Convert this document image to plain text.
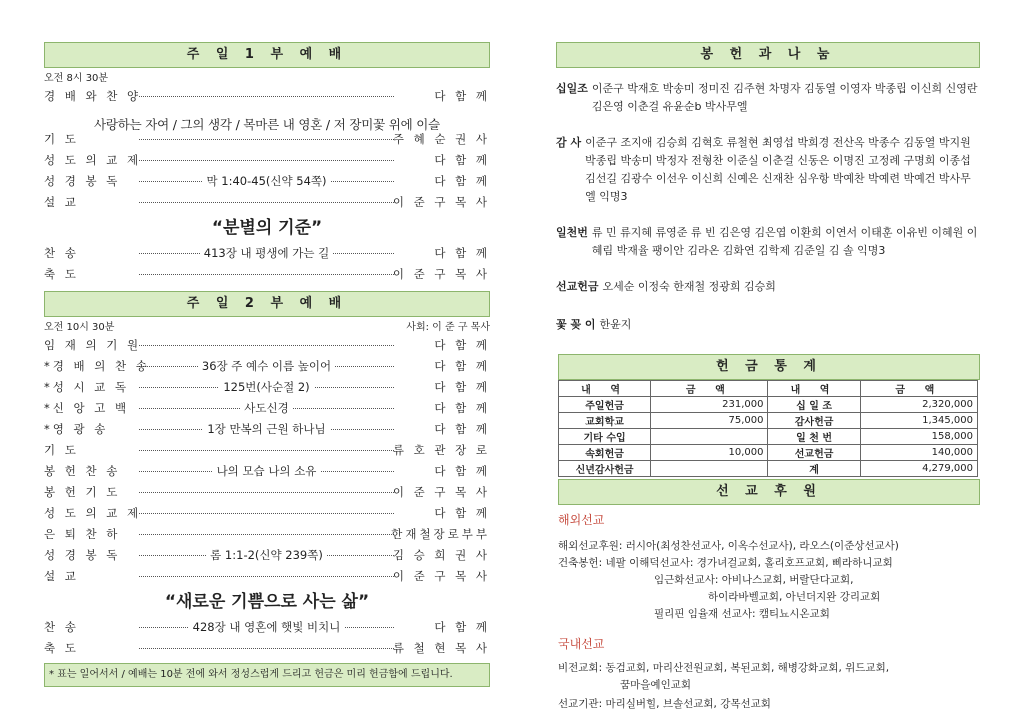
주 일 1 부 예 배
오전 8시 30분
경 배 와 찬 양	다 함 께
기 도	주 혜 순 권 사
성 도 의 교 제	다 함 께
성 경 봉 독	막 1:40-45(신약 54쪽)	다 함 께
설 교	이 준 구 목 사
사랑하는 자여 / 그의 생각 / 목마른 내 영혼 / 저 장미꽃 위에 이슬
“분별의 기준”
찬 송	413장 내 평생에 가는 길	다 함 께
축 도	이 준 구 목 사
주 일 2 부 예 배
오전 10시 30분	사회: 이 준 구 목사
임 재 의 기 원	다 함 께
*경 배 의 찬 송	36장 주 예수 이름 높이어	다 함 께
*성 시 교 독	125번(사순절 2)	다 함 께
*신 앙 고 백	사도신경	다 함 께
*영 광 송	1장 만복의 근원 하나님	다 함 께
기 도	류 호 관 장 로
봉 헌 찬 송	나의 모습 나의 소유	다 함 께
봉 헌 기 도	이 준 구 목 사
성 도 의 교 제	다 함 께
은 퇴 찬 하	한재철장로부부
성 경 봉 독	롬 1:1-2(신약 239쪽)	김 승 희 권 사
설 교	이 준 구 목 사
“새로운 기쁨으로 사는 삶”
찬 송	428장 내 영혼에 햇빛 비치니	다 함 께
축 도	류 철 현 목 사
* 표는 일어서서 / 예배는 10분 전에 와서 정성스럽게 드리고 헌금은 미리 헌금함에 드립니다.
봉 헌 과 나 눔
십일조 이준구 박재호 박송미 정미진 김주현 차명자 김동열 이영자 박종립 이신희 신영란 김은영 이춘걸 유윤순b 박사무엘
감 사 이준구 조지애 김승희 김혁호 류철현 최영섭 박희경 전산옥 박종수 김동열 박지원 박종립 박송미 박정자 전형찬 이준실 이춘걸 신동은 이명진 고정례 구명희 이종섭 김선길 김광수 이선우 이신희 신예은 신재찬 심우항 박예찬 박예련 박예건 박사무엘 익명3
일천번 류 민 류지혜 류영준 류 빈 김은영 김은엽 이환희 이연서 이태훈 이유빈 이혜원 이혜림 박재율 팽이안 김라온 김화연 김학제 김준일 김 솔 익명3
선교헌금 오세순 이정숙 한재철 정광희 김승희
꽃 꽂 이 한윤지
헌 금 통 계
내 역	금 액	내 역	금 액
주일헌금	231,000	십 일 조	2,320,000
교회학교	75,000	감사헌금	1,345,000
기타 수입		일 천 번	158,000
속회헌금	10,000	선교헌금	140,000
신년감사헌금		계	4,279,000
선 교 후 원
해외선교
해외선교후원: 러시아(최성찬선교사, 이옥수선교사), 라오스(이준상선교사)
건축봉헌: 네팔 이해덕선교사: 경가녀걸교회, 홀리호프교회, 삐라하니교회
임근화선교사: 아비나스교회, 버랄단다교회,
하이라바벨교회, 아넌더지완 강리교회
필리핀 임율재 선교사: 캠티뇨시온교회
국내선교
비전교회: 동검교회, 마리산전원교회, 복된교회, 해병강화교회, 위드교회,
꿈마을예인교회
선교기관: 마리실버힐, 브솔선교회, 강목선교회
